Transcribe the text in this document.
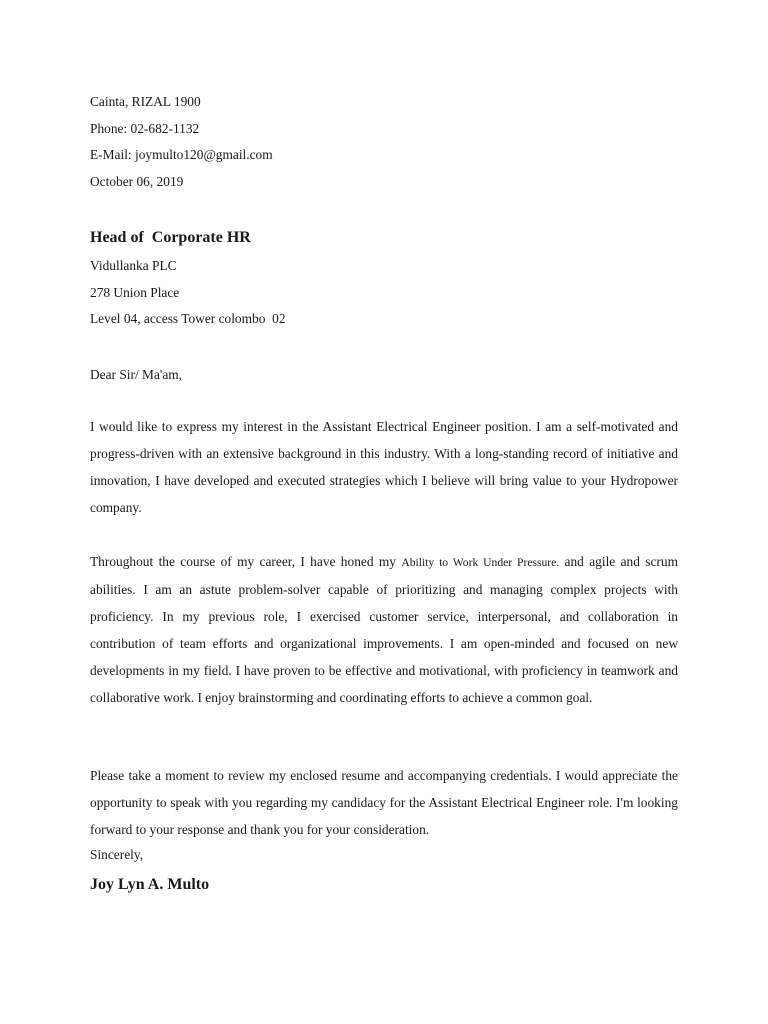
Cainta, RIZAL 1900
Phone: 02-682-1132
E-Mail: joymulto120@gmail.com
October 06, 2019
Head of  Corporate HR
Vidullanka PLC
278 Union Place
Level 04, access Tower colombo  02
Dear Sir/ Ma'am,

I would like to express my interest in the Assistant Electrical Engineer position. I am a self-motivated and progress-driven with an extensive background in this industry. With a long-standing record of initiative and innovation, I have developed and executed strategies which I believe will bring value to your Hydropower company.

Throughout the course of my career, I have honed my Ability to Work Under Pressure. and agile and scrum abilities. I am an astute problem-solver capable of prioritizing and managing complex projects with proficiency. In my previous role, I exercised customer service, interpersonal, and collaboration in contribution of team efforts and organizational improvements. I am open-minded and focused on new developments in my field. I have proven to be effective and motivational, with proficiency in teamwork and collaborative work. I enjoy brainstorming and coordinating efforts to achieve a common goal.

Please take a moment to review my enclosed resume and accompanying credentials. I would appreciate the opportunity to speak with you regarding my candidacy for the Assistant Electrical Engineer role. I'm looking forward to your response and thank you for your consideration.

Sincerely,
Joy Lyn A. Multo
